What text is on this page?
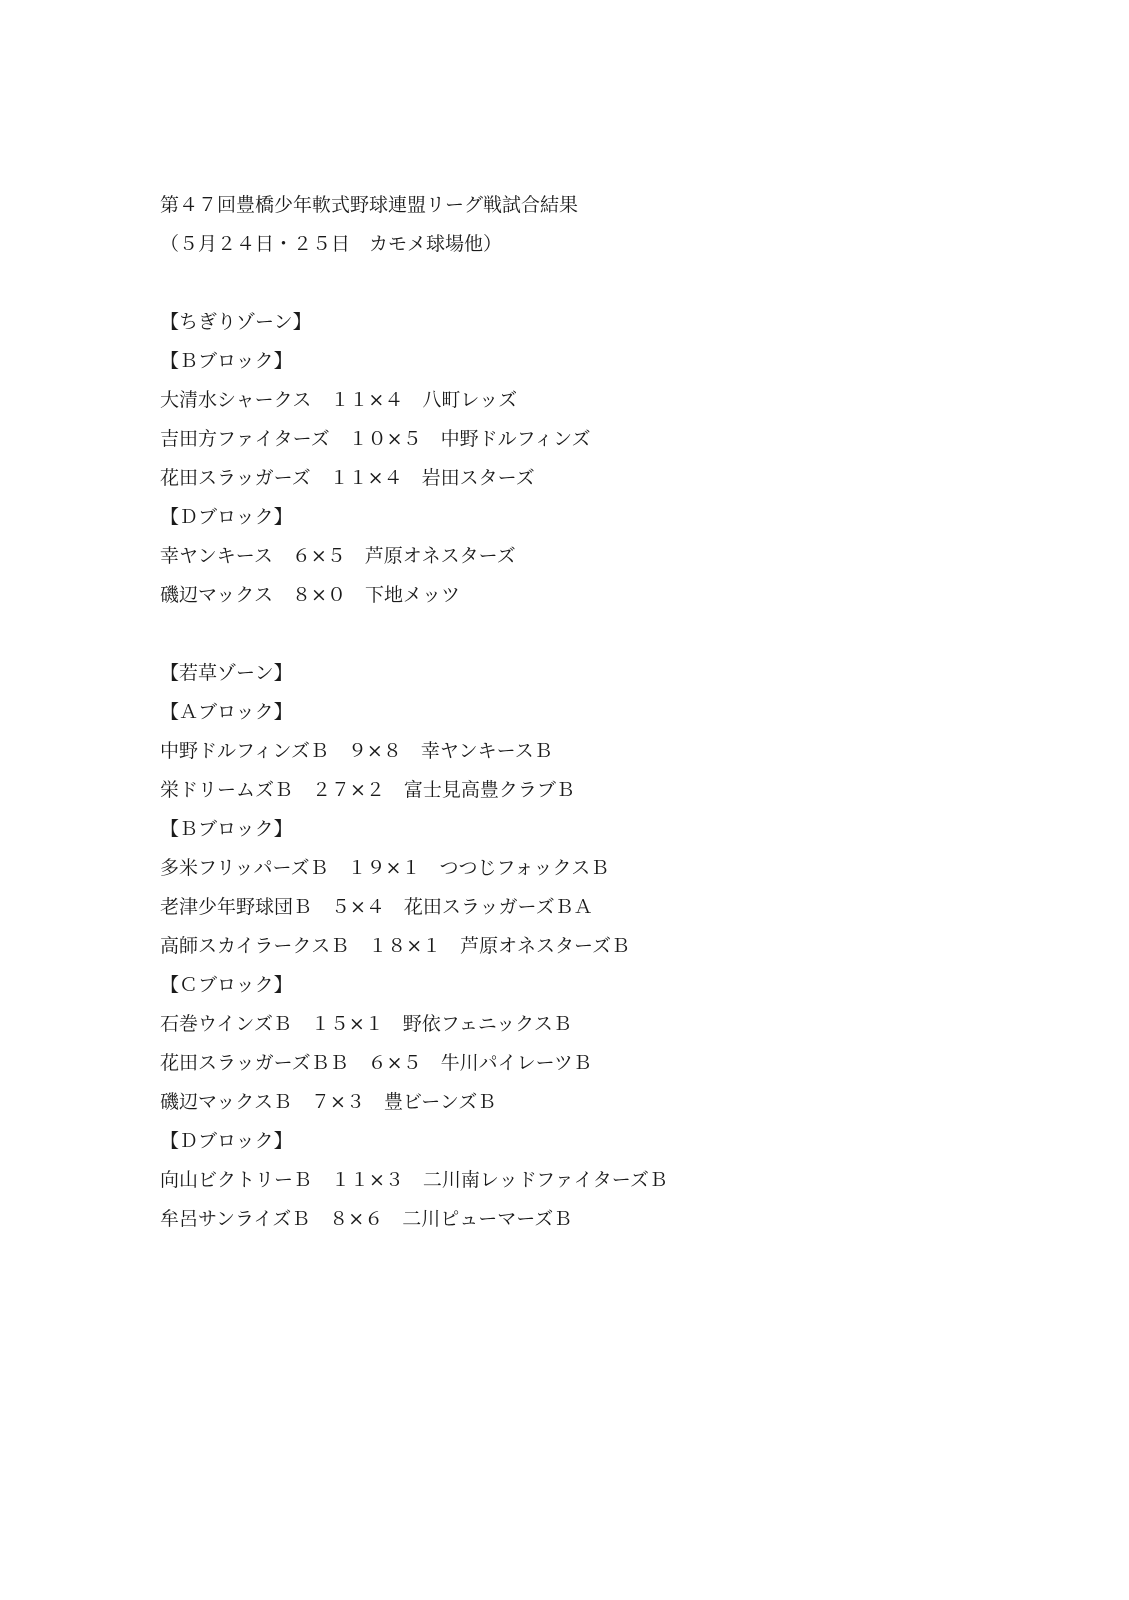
第４７回豊橋少年軟式野球連盟リーグ戦試合結果
（５月２４日・２５日　カモメ球場他）
【ちぎりゾーン】
【Ｂブロック】
大清水シャークス　１１×４　八町レッズ
吉田方ファイターズ　１０×５　中野ドルフィンズ
花田スラッガーズ　１１×４　岩田スターズ
【Ｄブロック】
幸ヤンキース　６×５　芦原オネスターズ
磯辺マックス　８×０　下地メッツ
【若草ゾーン】
【Ａブロック】
中野ドルフィンズＢ　９×８　幸ヤンキースＢ
栄ドリームズＢ　２７×２　富士見高豊クラブＢ
【Ｂブロック】
多米フリッパーズＢ　１９×１　つつじフォックスＢ
老津少年野球団Ｂ　５×４　花田スラッガーズＢＡ
高師スカイラークスＢ　１８×１　芦原オネスターズＢ
【Ｃブロック】
石巻ウインズＢ　１５×１　野依フェニックスＢ
花田スラッガーズＢＢ　６×５　牛川パイレーツＢ
磯辺マックスＢ　７×３　豊ビーンズＢ
【Ｄブロック】
向山ビクトリーＢ　１１×３　二川南レッドファイターズＢ
牟呂サンライズＢ　８×６　二川ピューマーズＢ
